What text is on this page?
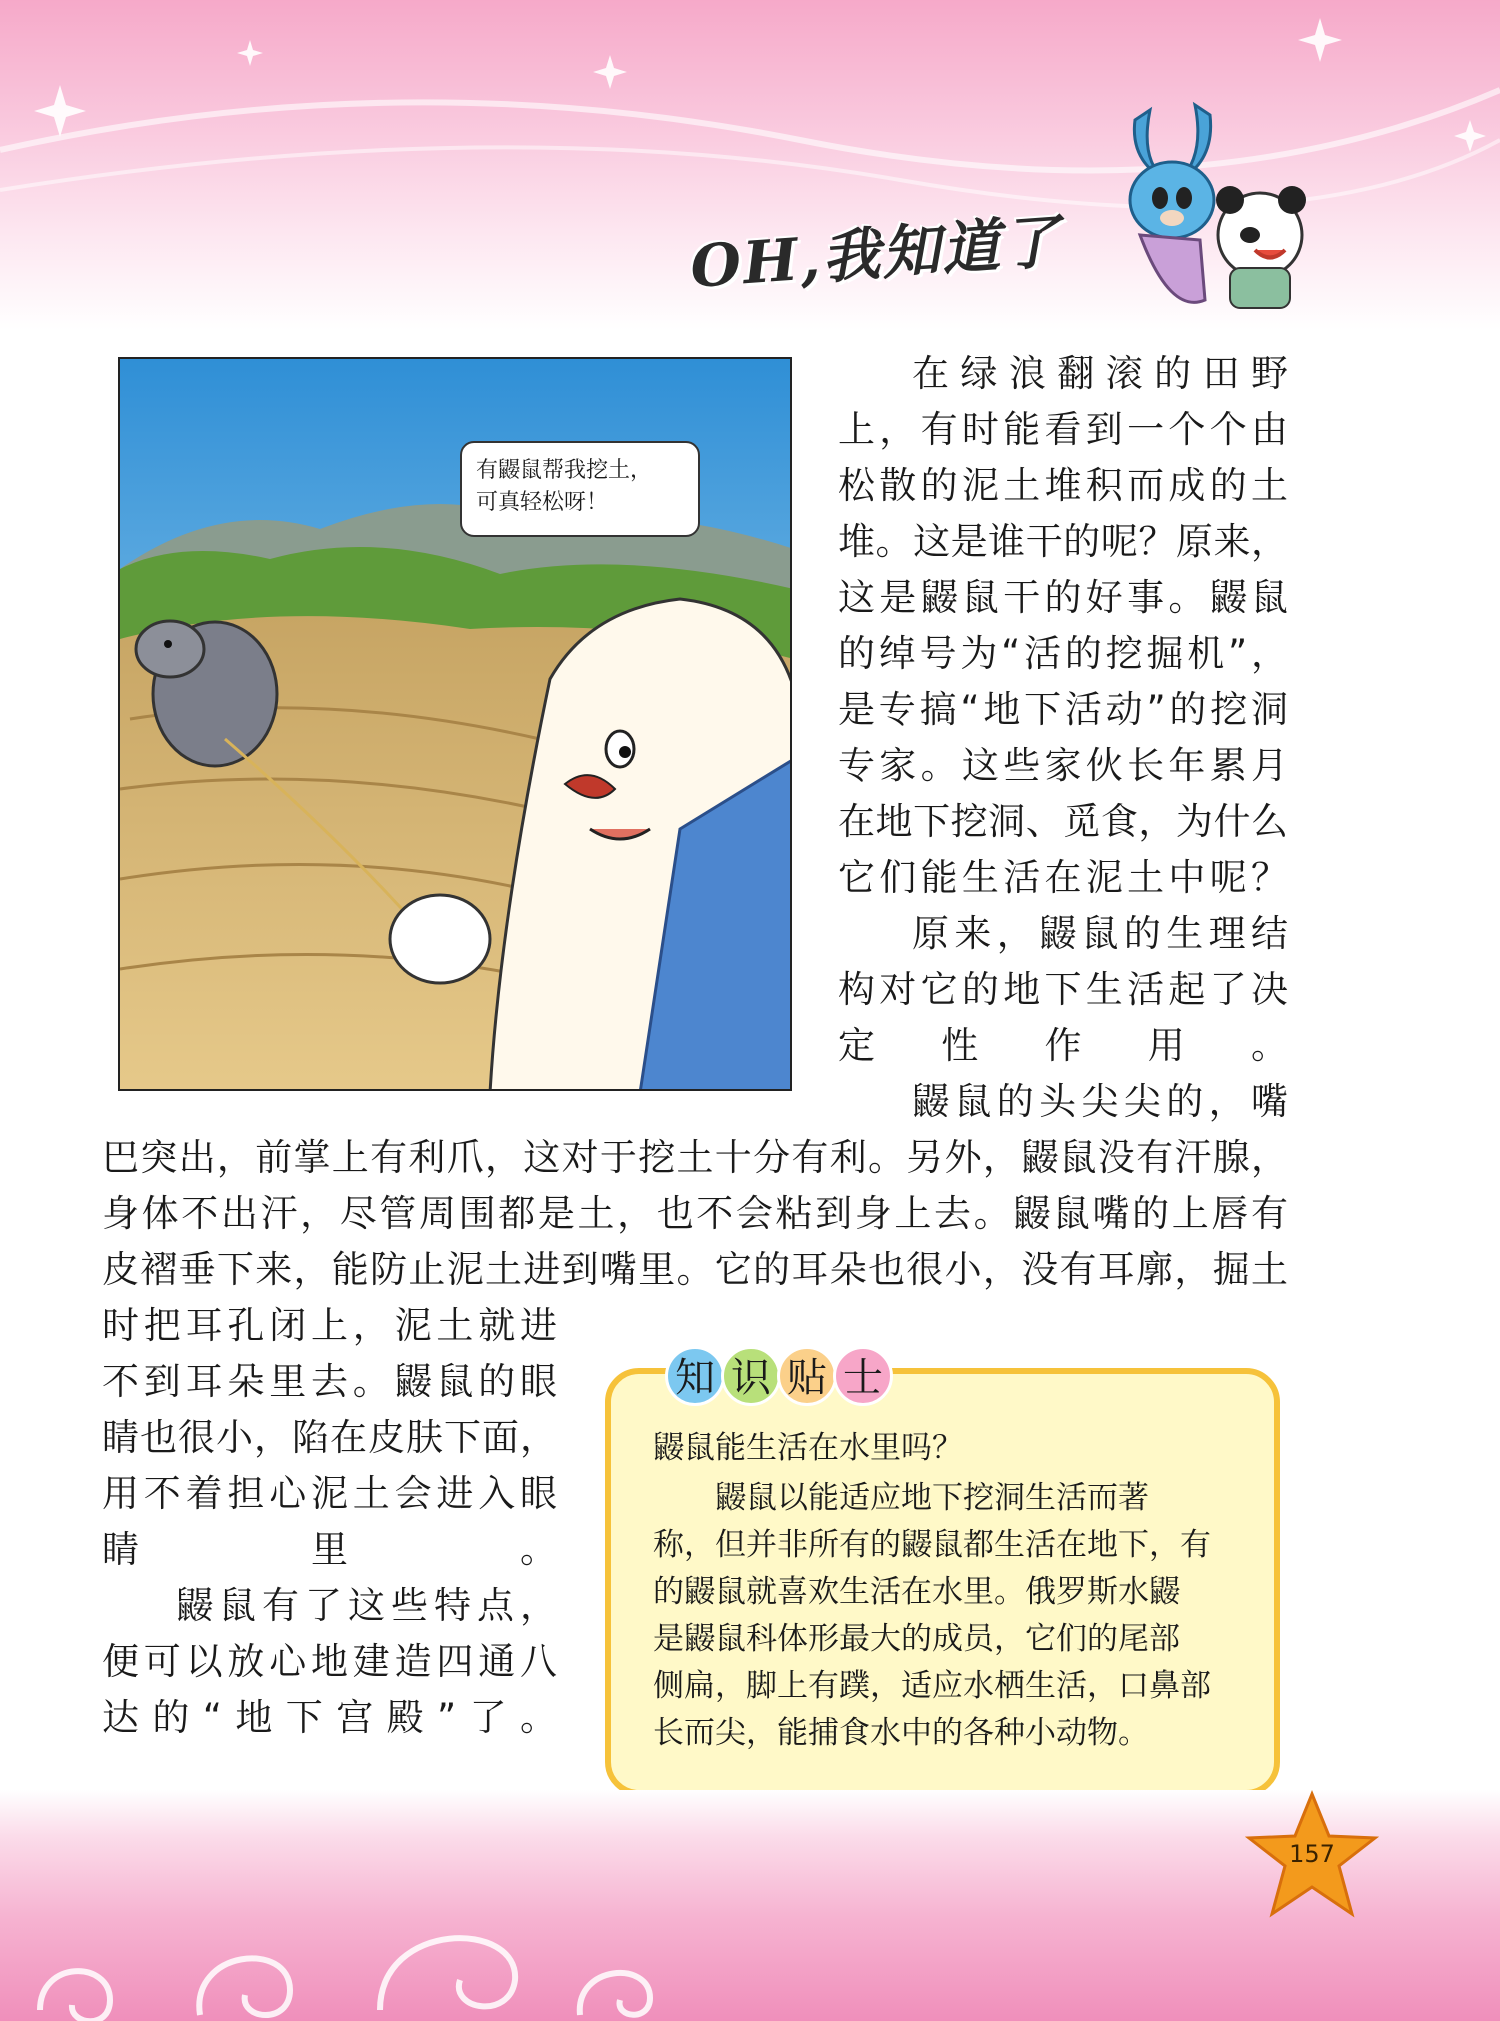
OH,我知道了
有鼹鼠帮我挖土，
可真轻松呀！
在绿浪翻滚的田野
上，有时能看到一个个由
松散的泥土堆积而成的土
堆。这是谁干的呢？原来，
这是鼹鼠干的好事。鼹鼠
的绰号为“活的挖掘机”，
是专搞“地下活动”的挖洞
专家。这些家伙长年累月
在地下挖洞、觅食，为什么
它们能生活在泥土中呢？
原来，鼹鼠的生理结
构对它的地下生活起了决
定性作用。
鼹鼠的头尖尖的，嘴
巴突出，前掌上有利爪，这对于挖土十分有利。另外，鼹鼠没有汗腺，
身体不出汗，尽管周围都是土，也不会粘到身上去。鼹鼠嘴的上唇有
皮褶垂下来，能防止泥土进到嘴里。它的耳朵也很小，没有耳廓，掘土
时把耳孔闭上，泥土就进
不到耳朵里去。鼹鼠的眼
睛也很小，陷在皮肤下面，
用不着担心泥土会进入眼
睛里。
鼹鼠有了这些特点，
便可以放心地建造四通八
达的“地下宫殿”了。
知 识 贴 士
鼹鼠能生活在水里吗？
鼹鼠以能适应地下挖洞生活而著
称，但并非所有的鼹鼠都生活在地下，有
的鼹鼠就喜欢生活在水里。俄罗斯水鼹
是鼹鼠科体形最大的成员，它们的尾部
侧扁，脚上有蹼，适应水栖生活，口鼻部
长而尖，能捕食水中的各种小动物。
157
